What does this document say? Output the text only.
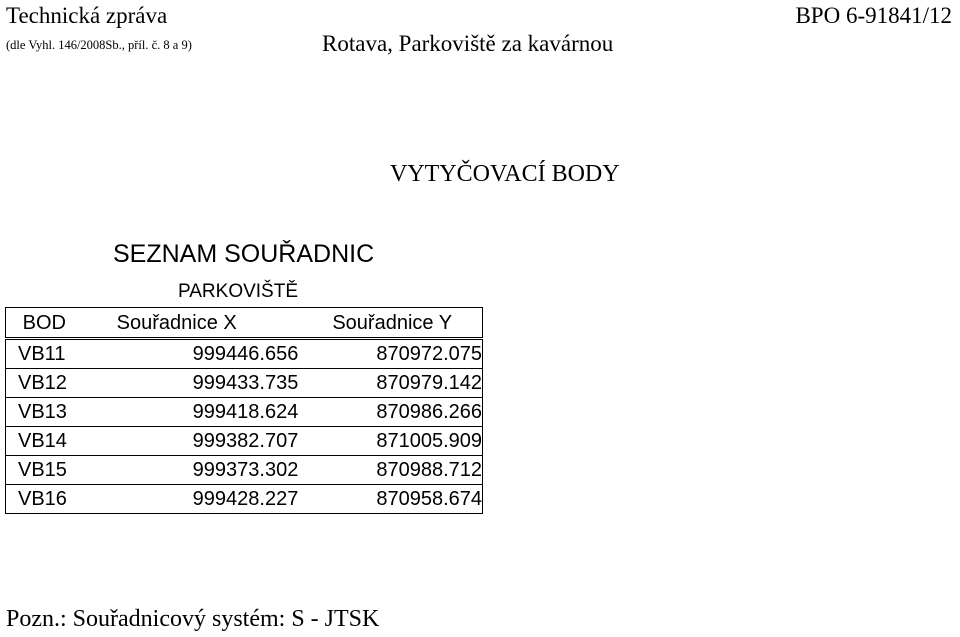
Technická zpráva	BPO 6-91841/12
(dle Vyhl. 146/2008Sb., příl. č. 8 a 9)	Rotava, Parkoviště za kavárnou
VYTYČOVACÍ BODY
SEZNAM SOUŘADNIC
PARKOVIŠTĚ
BOD	Souřadnice X	Souřadnice Y
VB11	999446.656	870972.075
VB12	999433.735	870979.142
VB13	999418.624	870986.266
VB14	999382.707	871005.909
VB15	999373.302	870988.712
VB16	999428.227	870958.674
Pozn.: Souřadnicový systém: S - JTSK
